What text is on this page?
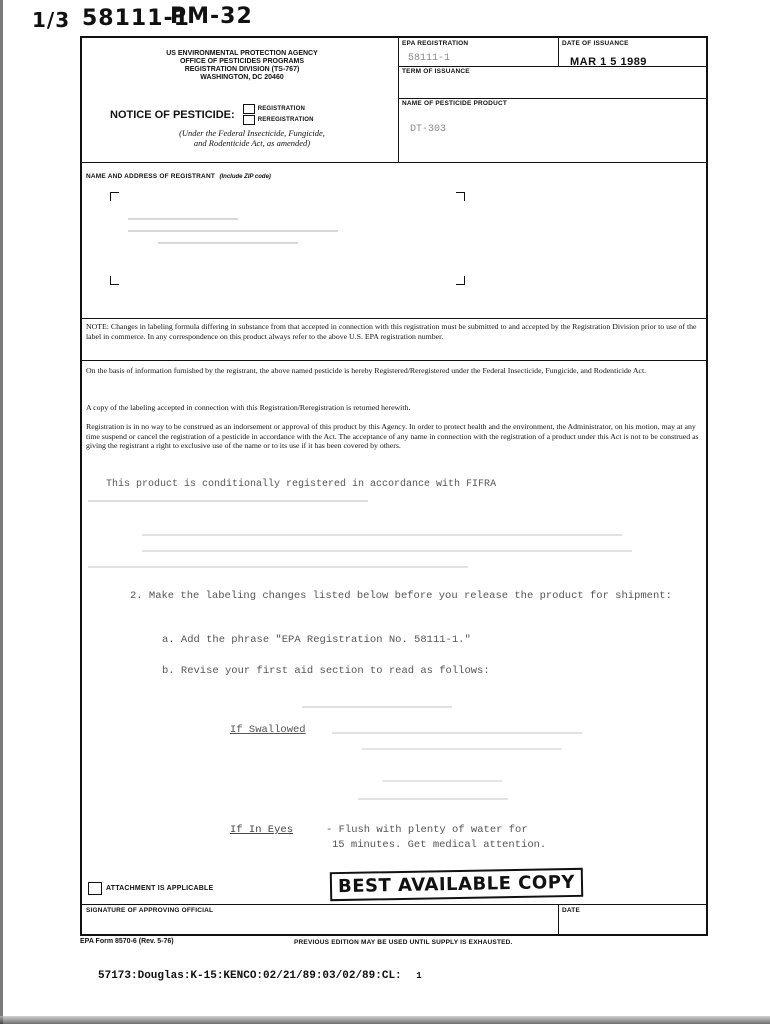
1/3 58111-1
PM-32
US ENVIRONMENTAL PROTECTION AGENCY
OFFICE OF PESTICIDES PROGRAMS
REGISTRATION DIVISION (TS-767)
WASHINGTON, DC 20460
NOTICE OF PESTICIDE:	REGISTRATION
REREGISTRATION
(Under the Federal Insecticide, Fungicide,
and Rodenticide Act, as amended)
EPA REGISTRATION
58111-1
DATE OF ISSUANCE
MAR 1 5 1989
TERM OF ISSUANCE
NAME OF PESTICIDE PRODUCT
DT-303
NAME AND ADDRESS OF REGISTRANT (Include ZIP code)
NOTE: Changes in labeling formula differing in substance from that accepted in connection with this registration must be submitted to and accepted by the Registration Division prior to use of the label in commerce. In any correspondence on this product always refer to the above U.S. EPA registration number.
On the basis of information furnished by the registrant, the above named pesticide is hereby Registered/Reregistered under the Federal Insecticide, Fungicide, and Rodenticide Act.
A copy of the labeling accepted in connection with this Registration/Reregistration is returned herewith.
Registration is in no way to be construed as an indorsement or approval of this product by this Agency. In order to protect health and the environment, the Administrator, on his motion, may at any time suspend or cancel the registration of a pesticide in accordance with the Act. The acceptance of any name in connection with the registration of a product under this Act is not to be construed as giving the registrant a right to exclusive use of the name or to its use if it has been covered by others.
This product is conditionally registered in accordance with FIFRA
2. Make the labeling changes listed below before you release the product for shipment:
a. Add the phrase "EPA Registration No. 58111-1."
b. Revise your first aid section to read as follows:
If Swallowed
If In Eyes	- Flush with plenty of water for
15 minutes. Get medical attention.
ATTACHMENT IS APPLICABLE	BEST AVAILABLE COPY
SIGNATURE OF APPROVING OFFICIAL	DATE
EPA Form 8570-6 (Rev. 5-76)	PREVIOUS EDITION MAY BE USED UNTIL SUPPLY IS EXHAUSTED.
57173:Douglas:K-15:KENCO:02/21/89:03/02/89:CL: 1
